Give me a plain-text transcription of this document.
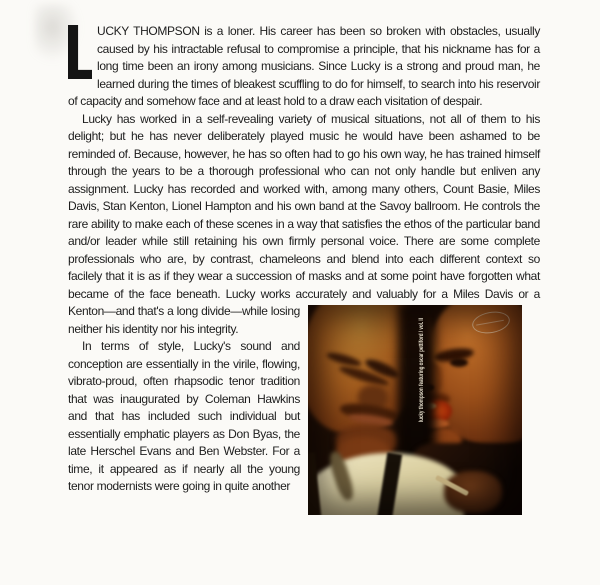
UCKY THOMPSON is a loner. His career has been so broken with obstacles, usually caused by his intractable refusal to compromise a principle, that his nickname has for a long time been an irony among musicians. Since Lucky is a strong and proud man, he learned during the times of bleakest scuffling to do for himself, to search into his reservoir of capacity and somehow face and at least hold to a draw each visitation of despair.

Lucky has worked in a self-revealing variety of musical situations, not all of them to his delight; but he has never deliberately played music he would have been ashamed to be reminded of. Because, however, he has so often had to go his own way, he has trained himself through the years to be a thorough professional who can not only handle but enliven any assignment. Lucky has recorded and worked with, among many others, Count Basie, Miles Davis, Stan Kenton, Lionel Hampton and his own band at the Savoy ballroom. He controls the rare ability to make each of these scenes in a way that satisfies the ethos of the particular band and/or leader while still retaining his own firmly personal voice. There are some complete professionals who are, by contrast, chameleons and blend into each different context so facilely that it is as if they wear a succession of masks and at some point have forgotten what became of the face beneath. Lucky works accurately and valuably for a Miles Davis
lucky thompson featuring oscar pettiford / vol. II
or a Kenton—and that's a long divide—while losing neither his identity nor his integrity.

In terms of style, Lucky's sound and conception are essentially in the virile, flowing, vibrato-proud, often rhapsodic tenor tradition that was inaugurated by Coleman Hawkins and that has included such individual but essentially emphatic players as Don Byas, the late Herschel Evans and Ben Webster. For a time, it appeared as if nearly all the young tenor modernists were going in quite another
